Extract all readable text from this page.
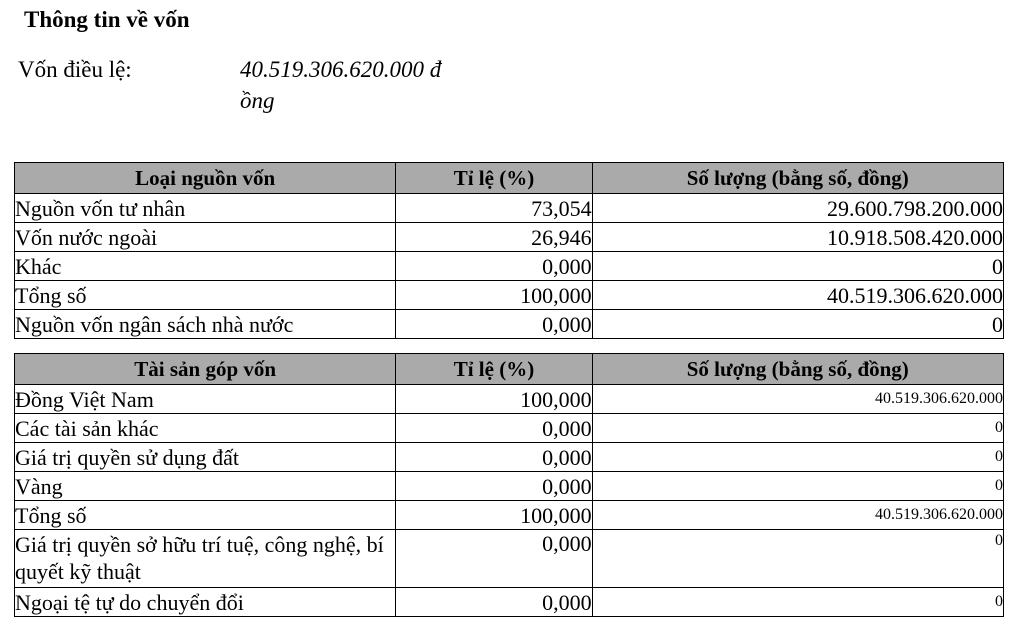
Thông tin về vốn
Vốn điều lệ:	40.519.306.620.000 đồng
Loại nguồn vốn	Tỉ lệ (%)	Số lượng (bằng số, đồng)
Nguồn vốn tư nhân	73,054	29.600.798.200.000
Vốn nước ngoài	26,946	10.918.508.420.000
Khác	0,000	0
Tổng số	100,000	40.519.306.620.000
Nguồn vốn ngân sách nhà nước	0,000	0
Tài sản góp vốn	Tỉ lệ (%)	Số lượng (bằng số, đồng)
Đồng Việt Nam	100,000	40.519.306.620.000
Các tài sản khác	0,000	0
Giá trị quyền sử dụng đất	0,000	0
Vàng	0,000	0
Tổng số	100,000	40.519.306.620.000
Giá trị quyền sở hữu trí tuệ, công nghệ, bí quyết kỹ thuật	0,000	0
Ngoại tệ tự do chuyển đổi	0,000	0
